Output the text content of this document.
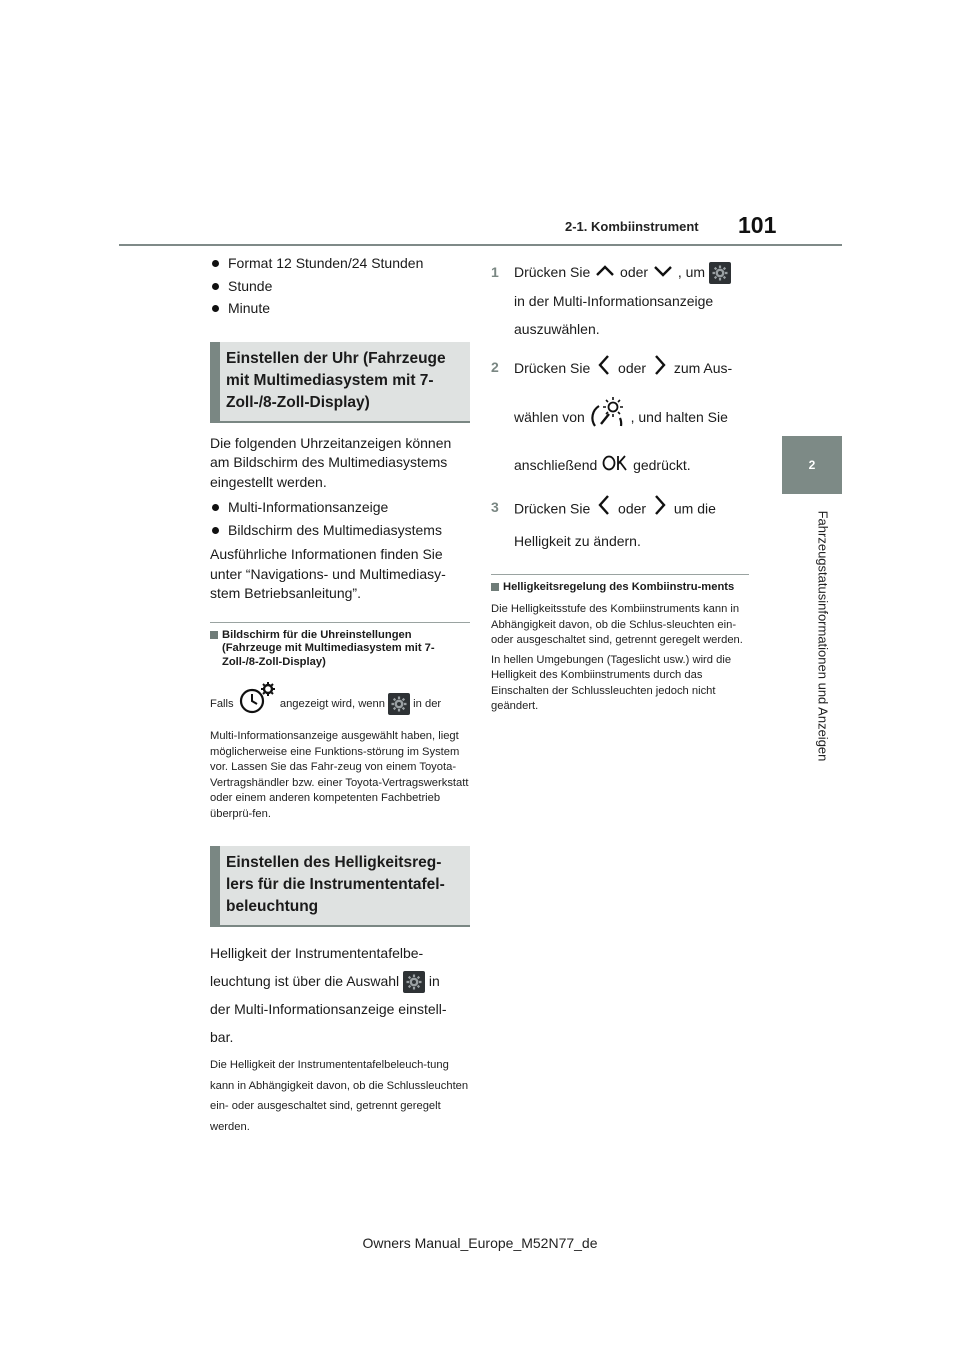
2-1. Kombiinstrument 101
2
Fahrzeugstatusinformationen und Anzeigen
Format 12 Stunden/24 Stunden
Stunde
Minute
Einstellen der Uhr (Fahrzeuge mit Multimediasystem mit 7-Zoll-/8-Zoll-Display)
Die folgenden Uhrzeitanzeigen können am Bildschirm des Multimediasystems eingestellt werden.
Multi-Informationsanzeige
Bildschirm des Multimediasystems
Ausführliche Informationen finden Sie unter “Navigations- und Multimediasy-stem Betriebsanleitung”.
Bildschirm für die Uhreinstellungen (Fahrzeuge mit Multimediasystem mit 7-Zoll-/8-Zoll-Display)
Falls	angezeigt wird, wenn	in der
Multi-Informationsanzeige ausgewählt haben, liegt möglicherweise eine Funktions-störung im System vor. Lassen Sie das Fahr-zeug von einem Toyota-Vertragshändler bzw. einer Toyota-Vertragswerkstatt oder einem anderen kompetenten Fachbetrieb überprü-fen.
Einstellen des Helligkeitsreg-lers für die Instrumententafel-beleuchtung
Helligkeit der Instrumententafelbe-
leuchtung ist über die Auswahl in
der Multi-Informationsanzeige einstell-
bar.
Die Helligkeit der Instrumententafelbeleuch-tung kann in Abhängigkeit davon, ob die Schlussleuchten ein- oder ausgeschaltet sind, getrennt geregelt werden.
1 Drücken Sie oder , um
in der Multi-Informationsanzeige
auszuwählen.
2 Drücken Sie oder zum Aus-
wählen von	, und halten Sie
anschließend	gedrückt.
3 Drücken Sie oder um die
Helligkeit zu ändern.
Helligkeitsregelung des Kombiinstru-ments
Die Helligkeitsstufe des Kombiinstruments kann in Abhängigkeit davon, ob die Schlus-sleuchten ein- oder ausgeschaltet sind, getrennt geregelt werden.
In hellen Umgebungen (Tageslicht usw.) wird die Helligkeit des Kombiinstruments durch das Einschalten der Schlussleuchten jedoch nicht geändert.
Owners Manual_Europe_M52N77_de
